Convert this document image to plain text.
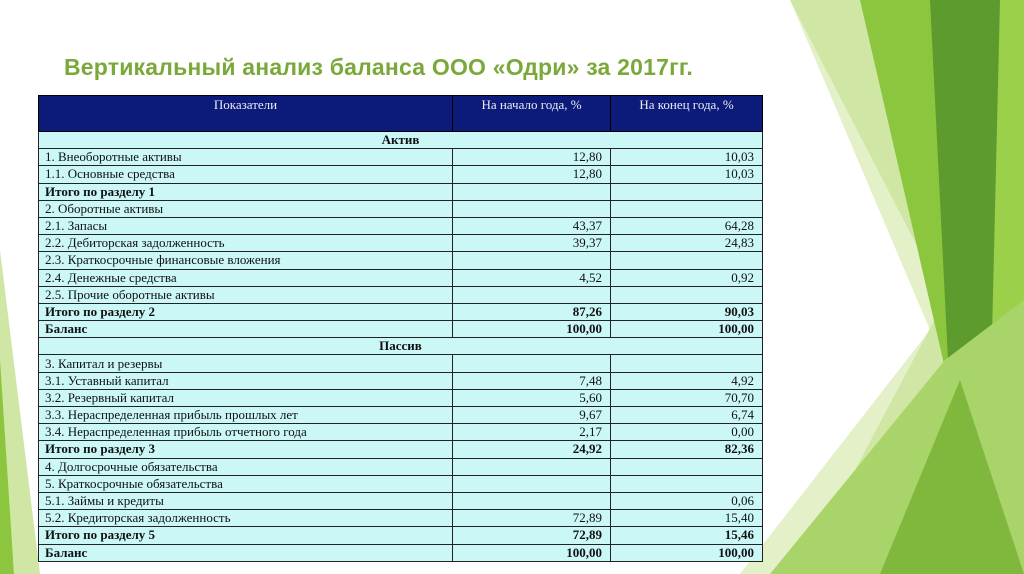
Вертикальный анализ баланса ООО «Одри» за 2017гг.
Показатели	На начало года, %	На конец года, %
Актив		
1. Внеоборотные активы	12,80	10,03
1.1. Основные средства	12,80	10,03
Итого по разделу 1		
2. Оборотные активы		
2.1. Запасы	43,37	64,28
2.2. Дебиторская задолженность	39,37	24,83
2.3. Краткосрочные финансовые вложения		
2.4. Денежные средства	4,52	0,92
2.5. Прочие оборотные активы		
Итого по разделу 2	87,26	90,03
Баланс	100,00	100,00
Пассив		
3. Капитал и резервы		
3.1. Уставный капитал	7,48	4,92
3.2. Резервный капитал	5,60	70,70
3.3. Нераспределенная прибыль прошлых лет	9,67	6,74
3.4. Нераспределенная прибыль отчетного года	2,17	0,00
Итого по разделу 3	24,92	82,36
4. Долгосрочные обязательства		
5. Краткосрочные обязательства		
5.1. Займы и кредиты		0,06
5.2. Кредиторская задолженность	72,89	15,40
Итого по разделу 5	72,89	15,46
Баланс	100,00	100,00
